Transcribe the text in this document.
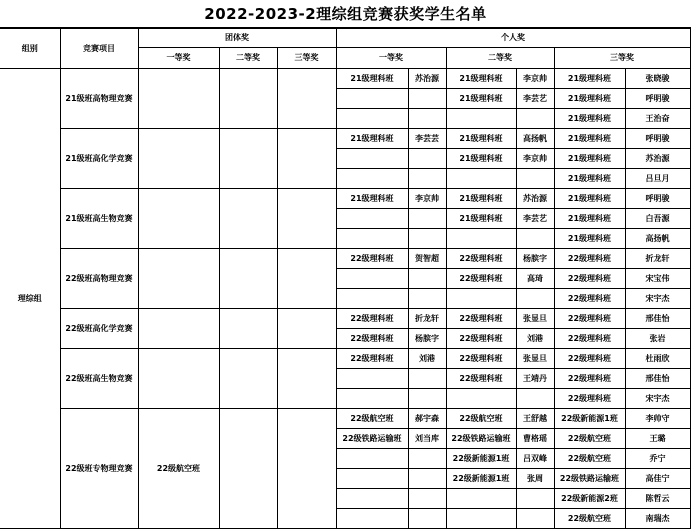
2022-2023-2理综组竞赛获奖学生名单
组别	竞赛项目	团体奖			个人奖					
		一等奖	二等奖	三等奖	一等奖		二等奖		三等奖	
理综组	21级班高物理竞赛				21级理科班	苏治源	21级理科班	李京帅	21级理科班	张晓骏
							21级理科班	李芸艺	21级理科班	呼明骏
									21级理科班	王治奋
	21级班高化学竞赛				21级理科班	李芸芸	21级理科班	高扬帆	21级理科班	呼明骏
							21级理科班	李京帅	21级理科班	苏治源
									21级理科班	吕旦月
	21级班高生物竞赛				21级理科班	李京帅	21级理科班	苏治源	21级理科班	呼明骏
							21级理科班	李芸艺	21级理科班	白吾源
									21级理科班	高扬帆
	22级班高物理竞赛				22级理科班	贺智超	22级理科班	杨膑字	22级理科班	折龙轩
							22级理科班	高琦	22级理科班	宋宝伟
									22级理科班	宋宇杰
	22级班高化学竞赛				22级理科班	折龙轩	22级理科班	张显旦	22级理科班	邢佳怡
					22级理科班	杨膑字	22级理科班	刘港	22级理科班	张岩
	22级班高生物竞赛				22级理科班	刘港	22级理科班	张显旦	22级理科班	杜雨欣
							22级理科班	王靖丹	22级理科班	邢佳怡
									22级理科班	宋宇杰
	22级班专物理竞赛	22级航空班			22级航空班	郝宇森	22级航空班	王舒越	22级新能源1班	李帅守
					22级铁路运输班	刘当库	22级铁路运输班	曹格瑶	22级航空班	王璐
							22级新能源1班	吕双峰	22级航空班	乔宁
							22级新能源1班	张周	22级铁路运输班	高佳宁
									22级新能源2班	陈哲云
									22级航空班	南瑞杰
